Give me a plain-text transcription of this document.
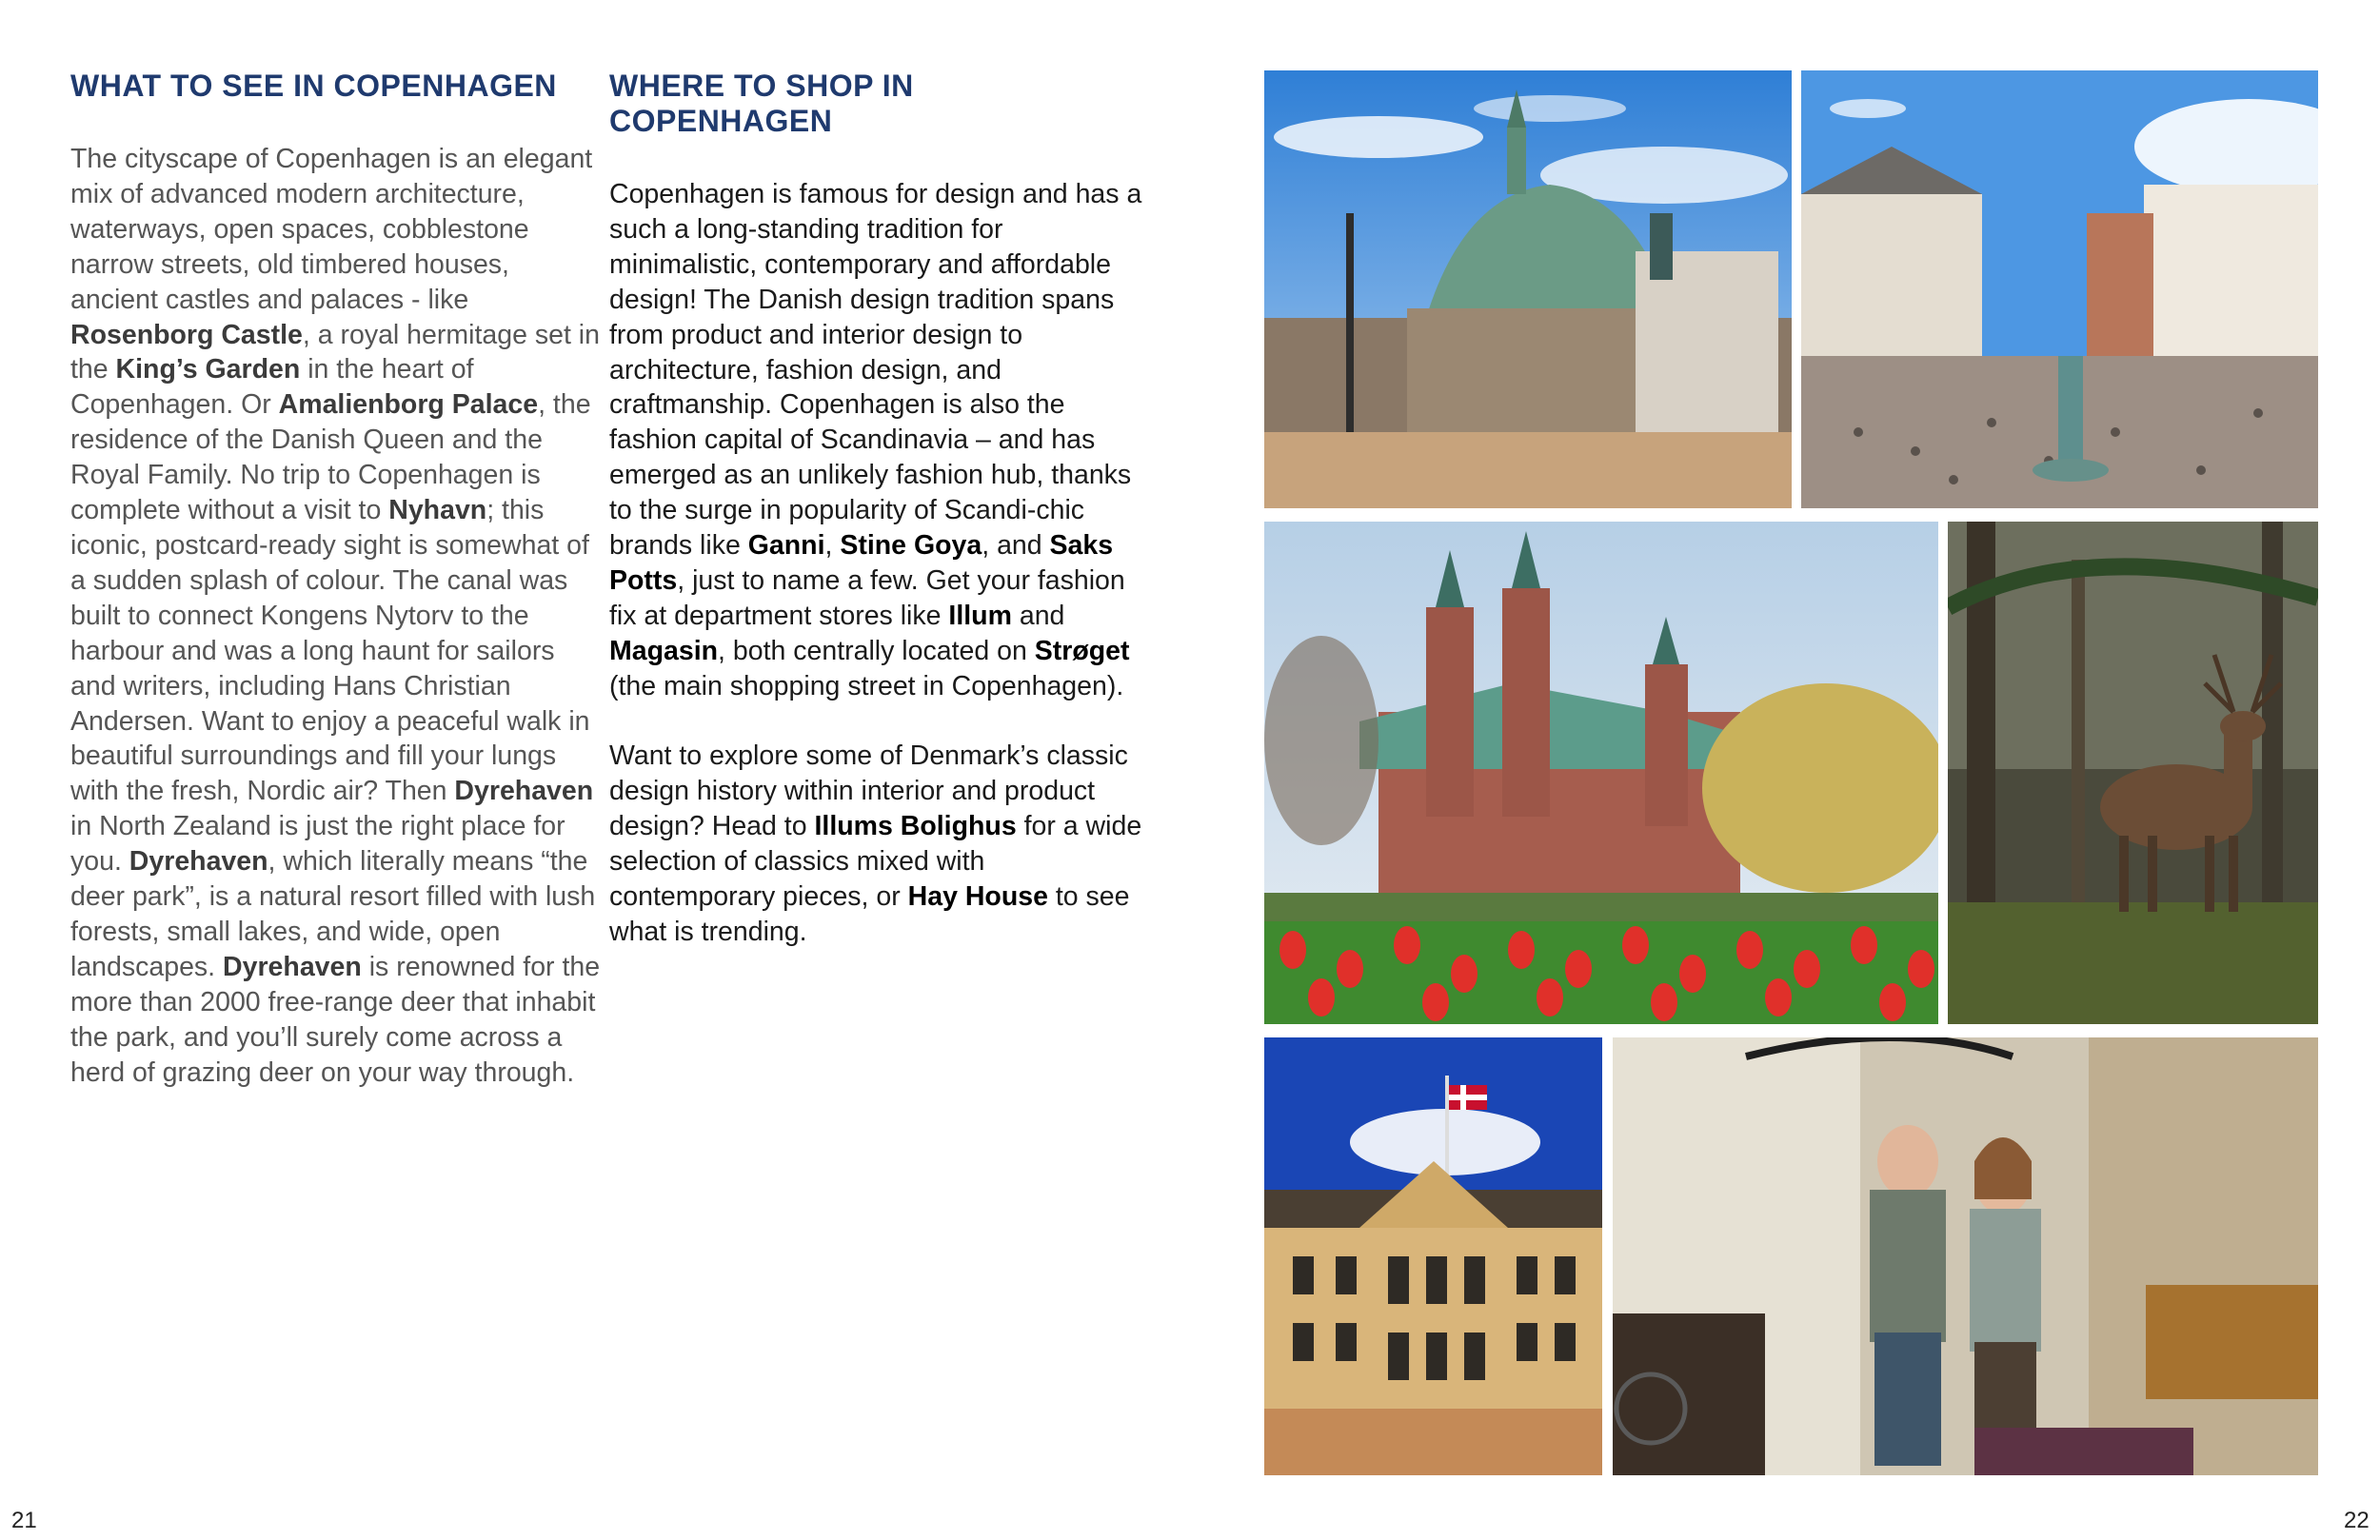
WHAT TO SEE IN COPENHAGEN

The cityscape of Copenhagen is an elegant mix of advanced modern architecture, waterways, open spaces, cobblestone narrow streets, old timbered houses, ancient castles and palaces - like Rosenborg Castle, a royal hermitage set in the King’s Garden in the heart of Copenhagen. Or Amalienborg Palace, the residence of the Danish Queen and the Royal Family. No trip to Copenhagen is complete without a visit to Nyhavn; this iconic, postcard-ready sight is somewhat of a sudden splash of colour. The canal was built to connect Kongens Nytorv to the harbour and was a long haunt for sailors and writers, including Hans Christian Andersen. Want to enjoy a peaceful walk in beautiful surroundings and fill your lungs with the fresh, Nordic air? Then Dyrehaven in North Zealand is just the right place for you. Dyrehaven, which literally means “the deer park”, is a natural resort filled with lush forests, small lakes, and wide, open landscapes. Dyrehaven is renowned for the more than 2000 free-range deer that inhabit the park, and you’ll surely come across a herd of grazing deer on your way through.

WHERE TO SHOP IN COPENHAGEN

Copenhagen is famous for design and has a such a long-standing tradition for minimalistic, contemporary and affordable design! The Danish design tradition spans from product and interior design to architecture, fashion design, and craftmanship. Copenhagen is also the fashion capital of Scandinavia – and has emerged as an unlikely fashion hub, thanks to the surge in popularity of Scandi-chic brands like Ganni, Stine Goya, and Saks Potts, just to name a few. Get your fashion fix at department stores like Illum and Magasin, both centrally located on Strøget (the main shopping street in Copenhagen).

Want to explore some of Denmark’s classic design history within interior and product design? Head to Illums Bolighus for a wide selection of classics mixed with contemporary pieces, or Hay House to see what is trending.

21	22
